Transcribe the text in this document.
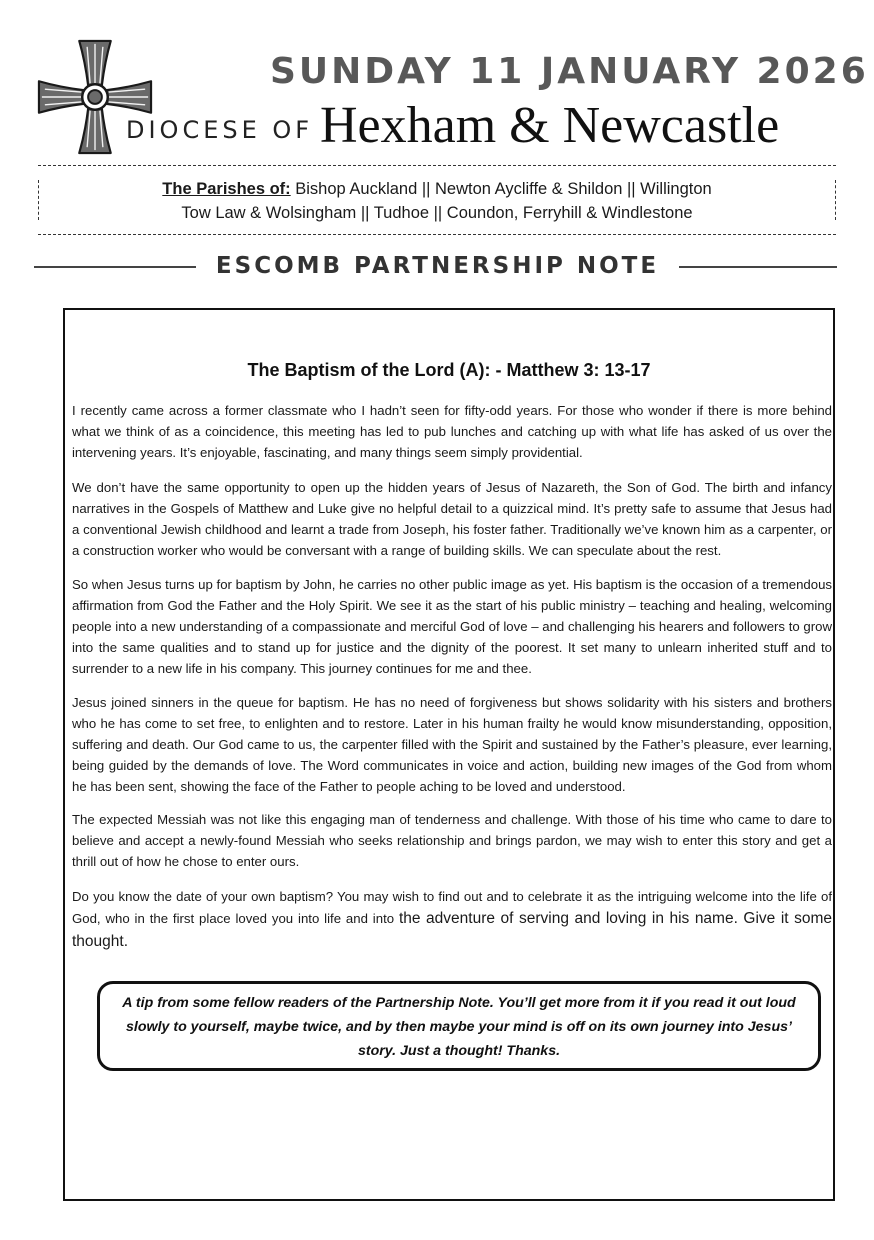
SUNDAY 11 JANUARY 2026
DIOCESE OF Hexham & Newcastle
The Parishes of: Bishop Auckland || Newton Aycliffe & Shildon || Willington
Tow Law & Wolsingham || Tudhoe || Coundon, Ferryhill & Windlestone
ESCOMB PARTNERSHIP NOTE
The Baptism of the Lord (A): - Matthew 3: 13-17

I recently came across a former classmate who I hadn’t seen for fifty-odd years. For those who wonder if there is more behind what we think of as a coincidence, this meeting has led to pub lunches and catching up with what life has asked of us over the intervening years. It’s enjoyable, fascinating, and many things seem simply providential.

We don’t have the same opportunity to open up the hidden years of Jesus of Nazareth, the Son of God. The birth and infancy narratives in the Gospels of Matthew and Luke give no helpful detail to a quizzical mind. It’s pretty safe to assume that Jesus had a conventional Jewish childhood and learnt a trade from Joseph, his foster father. Traditionally we’ve known him as a carpenter, or a construction worker who would be conversant with a range of building skills. We can speculate about the rest.

So when Jesus turns up for baptism by John, he carries no other public image as yet. His baptism is the occasion of a tremendous affirmation from God the Father and the Holy Spirit. We see it as the start of his public ministry – teaching and healing, welcoming people into a new understanding of a compassionate and merciful God of love – and challenging his hearers and followers to grow into the same qualities and to stand up for justice and the dignity of the poorest. It set many to unlearn inherited stuff and to surrender to a new life in his company. This journey continues for me and thee.

Jesus joined sinners in the queue for baptism. He has no need of forgiveness but shows solidarity with his sisters and brothers who he has come to set free, to enlighten and to restore. Later in his human frailty he would know misunderstanding, opposition, suffering and death. Our God came to us, the carpenter filled with the Spirit and sustained by the Father’s pleasure, ever learning, being guided by the demands of love. The Word communicates in voice and action, building new images of the God from whom he has been sent, showing the face of the Father to people aching to be loved and understood.

The expected Messiah was not like this engaging man of tenderness and challenge. With those of his time who came to dare to believe and accept a newly-found Messiah who seeks relationship and brings pardon, we may wish to enter this story and get a thrill out of how he chose to enter ours.

Do you know the date of your own baptism? You may wish to find out and to celebrate it as the intriguing welcome into the life of God, who in the first place loved you into life and into the adventure of serving and loving in his name. Give it some thought.

A tip from some fellow readers of the Partnership Note. You’ll get more from it if you read it out loud slowly to yourself, maybe twice, and by then maybe your mind is off on its own journey into Jesus’ story. Just a thought! Thanks.
